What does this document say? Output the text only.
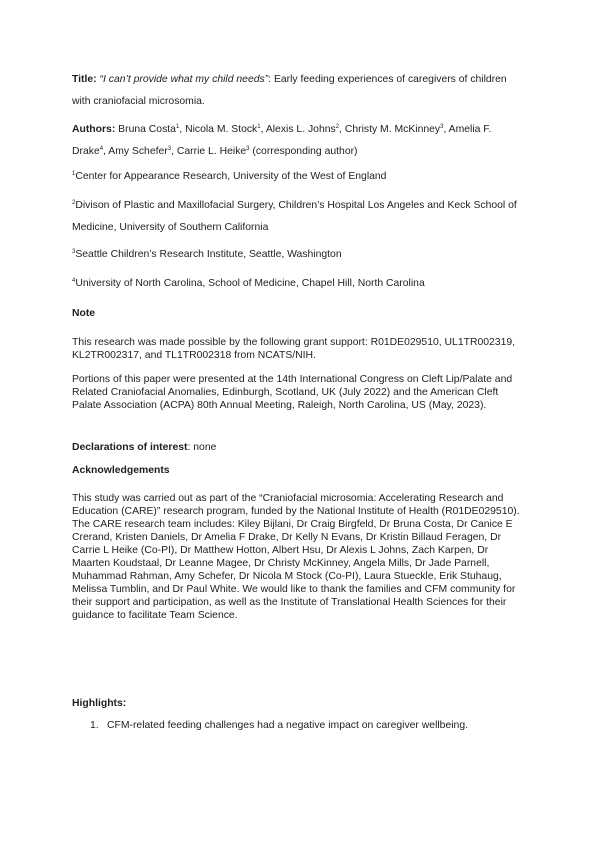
Title: “I can’t provide what my child needs”: Early feeding experiences of caregivers of children with craniofacial microsomia.

Authors: Bruna Costa$^1$, Nicola M. Stock$^1$, Alexis L. Johns$^2$, Christy M. McKinney$^3$, Amelia F. Drake$^4$, Amy Schefer$^3$, Carrie L. Heike$^3$ (corresponding author)

$^1$Center for Appearance Research, University of the West of England

$^2$Divison of Plastic and Maxillofacial Surgery, Children’s Hospital Los Angeles and Keck School of Medicine, University of Southern California

$^3$Seattle Children’s Research Institute, Seattle, Washington

$^4$University of North Carolina, School of Medicine, Chapel Hill, North Carolina

Note

This research was made possible by the following grant support: R01DE029510, UL1TR002319, KL2TR002317, and TL1TR002318 from NCATS/NIH.

Portions of this paper were presented at the 14th International Congress on Cleft Lip/Palate and Related Craniofacial Anomalies, Edinburgh, Scotland, UK (July 2022) and the American Cleft Palate Association (ACPA) 80th Annual Meeting, Raleigh, North Carolina, US (May, 2023).

Declarations of interest: none

Acknowledgements

This study was carried out as part of the “Craniofacial microsomia: Accelerating Research and Education (CARE)” research program, funded by the National Institute of Health (R01DE029510). The CARE research team includes: Kiley Bijlani, Dr Craig Birgfeld, Dr Bruna Costa, Dr Canice E Crerand, Kristen Daniels, Dr Amelia F Drake, Dr Kelly N Evans, Dr Kristin Billaud Feragen, Dr Carrie L Heike (Co-PI), Dr Matthew Hotton, Albert Hsu, Dr Alexis L Johns, Zach Karpen, Dr Maarten Koudstaal, Dr Leanne Magee, Dr Christy McKinney, Angela Mills, Dr Jade Parnell, Muhammad Rahman, Amy Schefer, Dr Nicola M Stock (Co-PI), Laura Stueckle, Erik Stuhaug, Melissa Tumblin, and Dr Paul White. We would like to thank the families and CFM community for their support and participation, as well as the Institute of Translational Health Sciences for their guidance to facilitate Team Science.

Highlights:

1. CFM-related feeding challenges had a negative impact on caregiver wellbeing.
